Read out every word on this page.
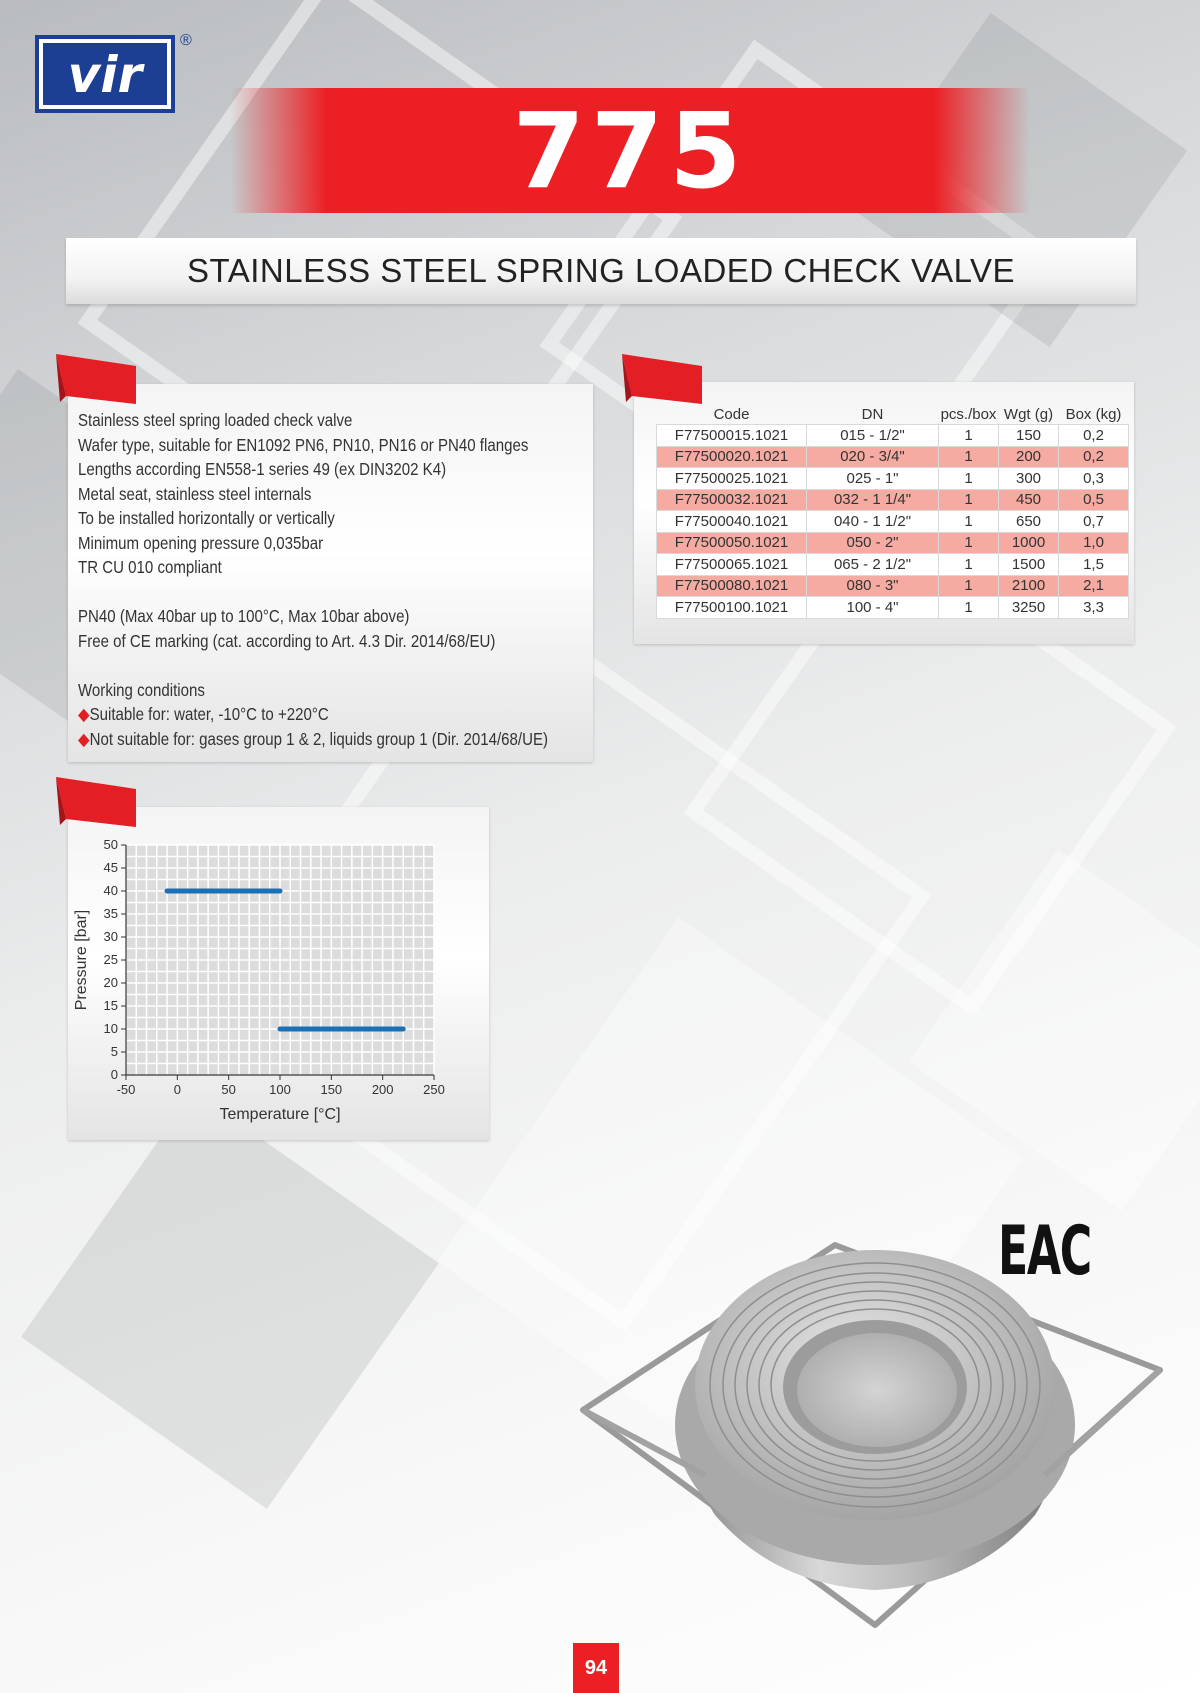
vir
®
775
STAINLESS STEEL SPRING LOADED CHECK VALVE
Stainless steel spring loaded check valve
Wafer type, suitable for EN1092 PN6, PN10, PN16 or PN40 flanges
Lengths according EN558-1 series 49 (ex DIN3202 K4)
Metal seat, stainless steel internals
To be installed horizontally or vertically
Minimum opening pressure 0,035bar
TR CU 010 compliant
PN40 (Max 40bar up to 100°C, Max 10bar above)
Free of CE marking (cat. according to Art. 4.3 Dir. 2014/68/EU)
Working conditions
◆Suitable for: water, -10°C to +220°C
◆Not suitable for: gases group 1 & 2, liquids group 1 (Dir. 2014/68/UE)
Code	DN	pcs./box	Wgt (g)	Box (kg)
F77500015.1021	015 - 1/2"	1	150	0,2
F77500020.1021	020 - 3/4"	1	200	0,2
F77500025.1021	025 - 1"	1	300	0,3
F77500032.1021	032 - 1 1/4"	1	450	0,5
F77500040.1021	040 - 1 1/2"	1	650	0,7
F77500050.1021	050 - 2"	1	1000	1,0
F77500065.1021	065 - 2 1/2"	1	1500	1,5
F77500080.1021	080 - 3"	1	2100	2,1
F77500100.1021	100 - 4"	1	3250	3,3
-50	0	50	100 150 200 250
0
5
10
15
20
25
30
35
40
45
50
Temperature [°C]
Pressure [bar]
EAC
94
